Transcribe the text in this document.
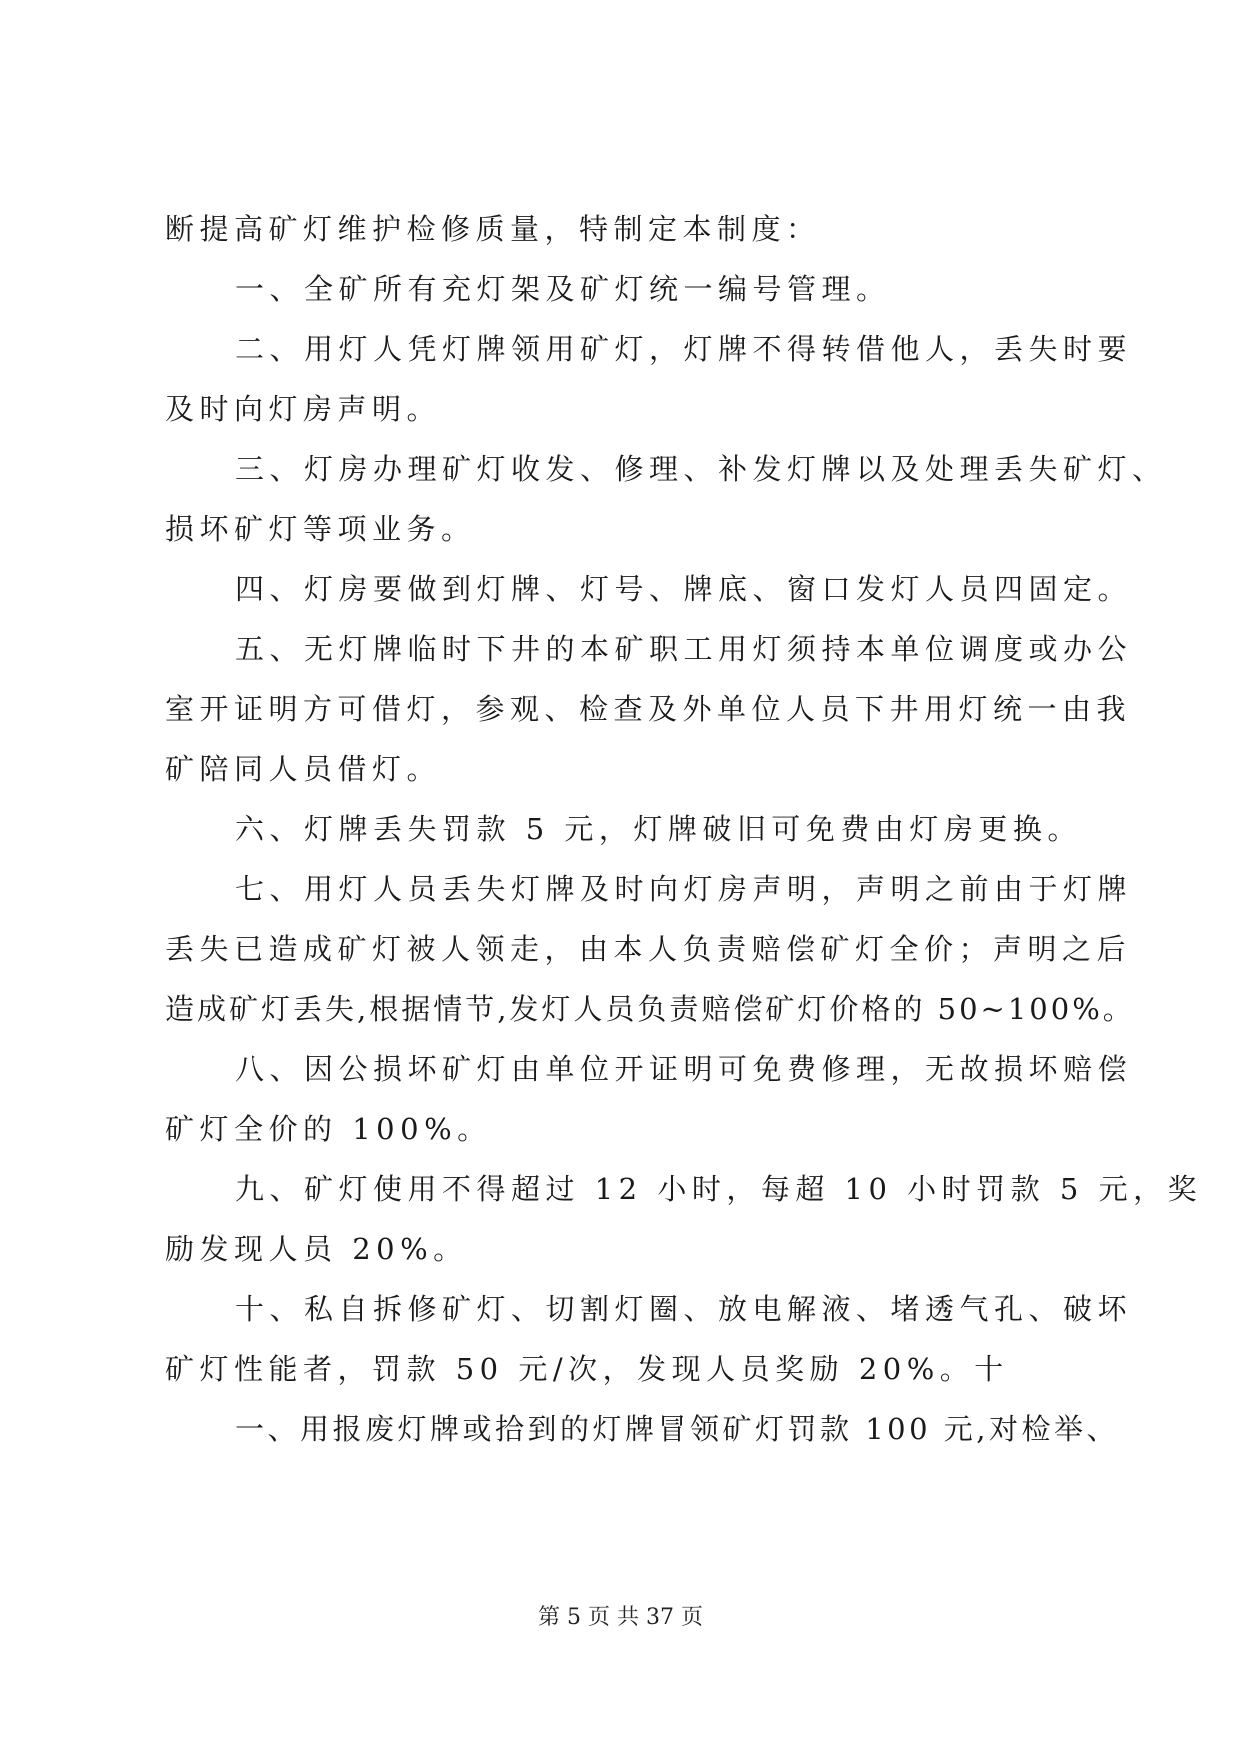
断提高矿灯维护检修质量，特制定本制度：
一、全矿所有充灯架及矿灯统一编号管理。
二、用灯人凭灯牌领用矿灯，灯牌不得转借他人，丢失时要
及时向灯房声明。
三、灯房办理矿灯收发、修理、补发灯牌以及处理丢失矿灯、
损坏矿灯等项业务。
四、灯房要做到灯牌、灯号、牌底、窗口发灯人员四固定。
五、无灯牌临时下井的本矿职工用灯须持本单位调度或办公
室开证明方可借灯，参观、检查及外单位人员下井用灯统一由我
矿陪同人员借灯。
六、灯牌丢失罚款 5 元，灯牌破旧可免费由灯房更换。
七、用灯人员丢失灯牌及时向灯房声明，声明之前由于灯牌
丢失已造成矿灯被人领走，由本人负责赔偿矿灯全价；声明之后
造成矿灯丢失,根据情节,发灯人员负责赔偿矿灯价格的 50~100%。
八、因公损坏矿灯由单位开证明可免费修理，无故损坏赔偿
矿灯全价的 100%。
九、矿灯使用不得超过 12 小时，每超 10 小时罚款 5 元，奖
励发现人员 20%。
十、私自拆修矿灯、切割灯圈、放电解液、堵透气孔、破坏
矿灯性能者，罚款 50 元/次，发现人员奖励 20%。十
一、用报废灯牌或拾到的灯牌冒领矿灯罚款 100 元,对检举、
第 5 页 共 37 页
